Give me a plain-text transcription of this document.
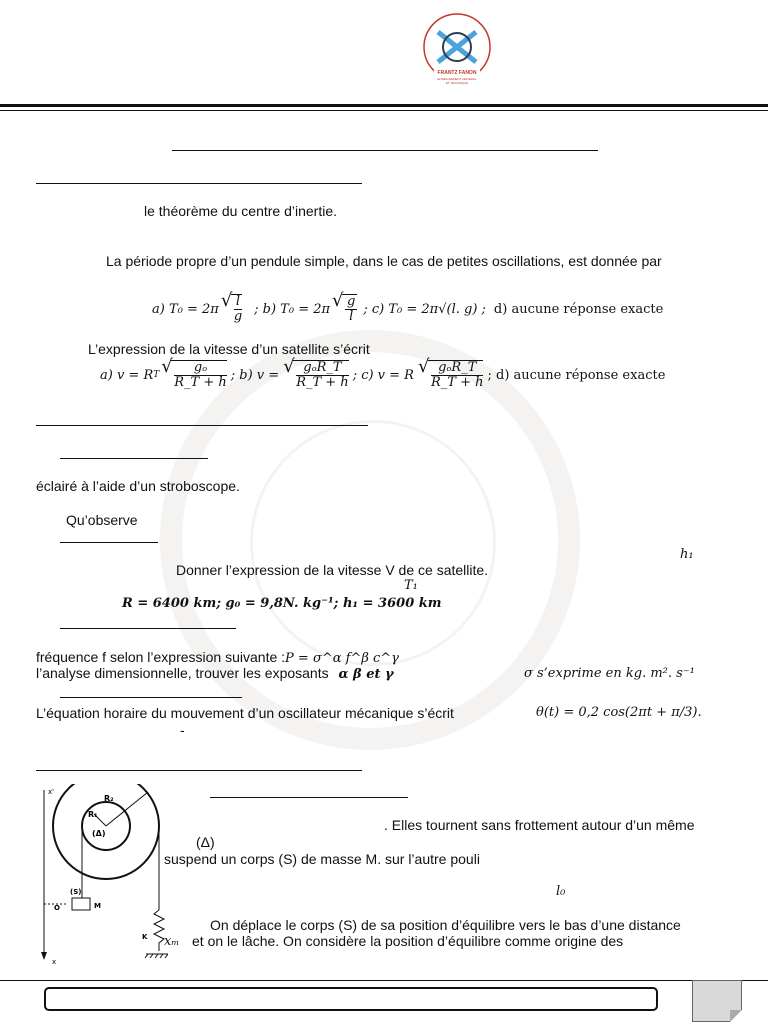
FRANTZ FANON
ENSEIGNEMENT GENERAL
ET TECHNIQUE
le théorème du centre d’inertie.
La période propre d’un pendule simple, dans le cas de petites oscillations, est donnée par
a) T₀ = 2π √ $\frac{l}{g}$ ; b) T₀ = 2π √ $\frac{g}{l}$ ; c) T₀ = 2π√(l. g) ; d) aucune réponse exacte
L’expression de la vitesse d’un satellite s’écrit
a) v = R T √ $\frac{\text{gₒ}}{R\_T + h}$ ; b) v = √ $\frac{\text{gₒR\_T}}{R\_T + h}$ ; c) v = R √ $\frac{\text{gₒR\_T}}{R\_T + h}$ ; d) aucune réponse exacte
éclairé à l’aide d’un stroboscope.
Qu’observe
h₁
Donner l’expression de la vitesse V de ce satellite.
T₁
R = 6400 km; g₀ = 9,8N. kg⁻¹; h₁ = 3600 km
fréquence f selon l’expression suivante :P = σ^α f^β c^γ
l’analyse dimensionnelle, trouver les exposants α β et γ	σ s’exprime en kg. m². s⁻¹
L’équation horaire du mouvement d’un oscillateur mécanique s’écrit	θ(t) = 0,2 cos(2πt + π/3).
-
x'
x
R₂
R₁
(Δ)
(S)
M
O
K
. Elles tournent sans frottement autour d’un même
(Δ)
suspend un corps (S) de masse M. sur l’autre pouli
l₀
On déplace le corps (S) de sa position d’équilibre vers le bas d’une distance
xₘ et on le lâche. On considère la position d’équilibre comme origine des
